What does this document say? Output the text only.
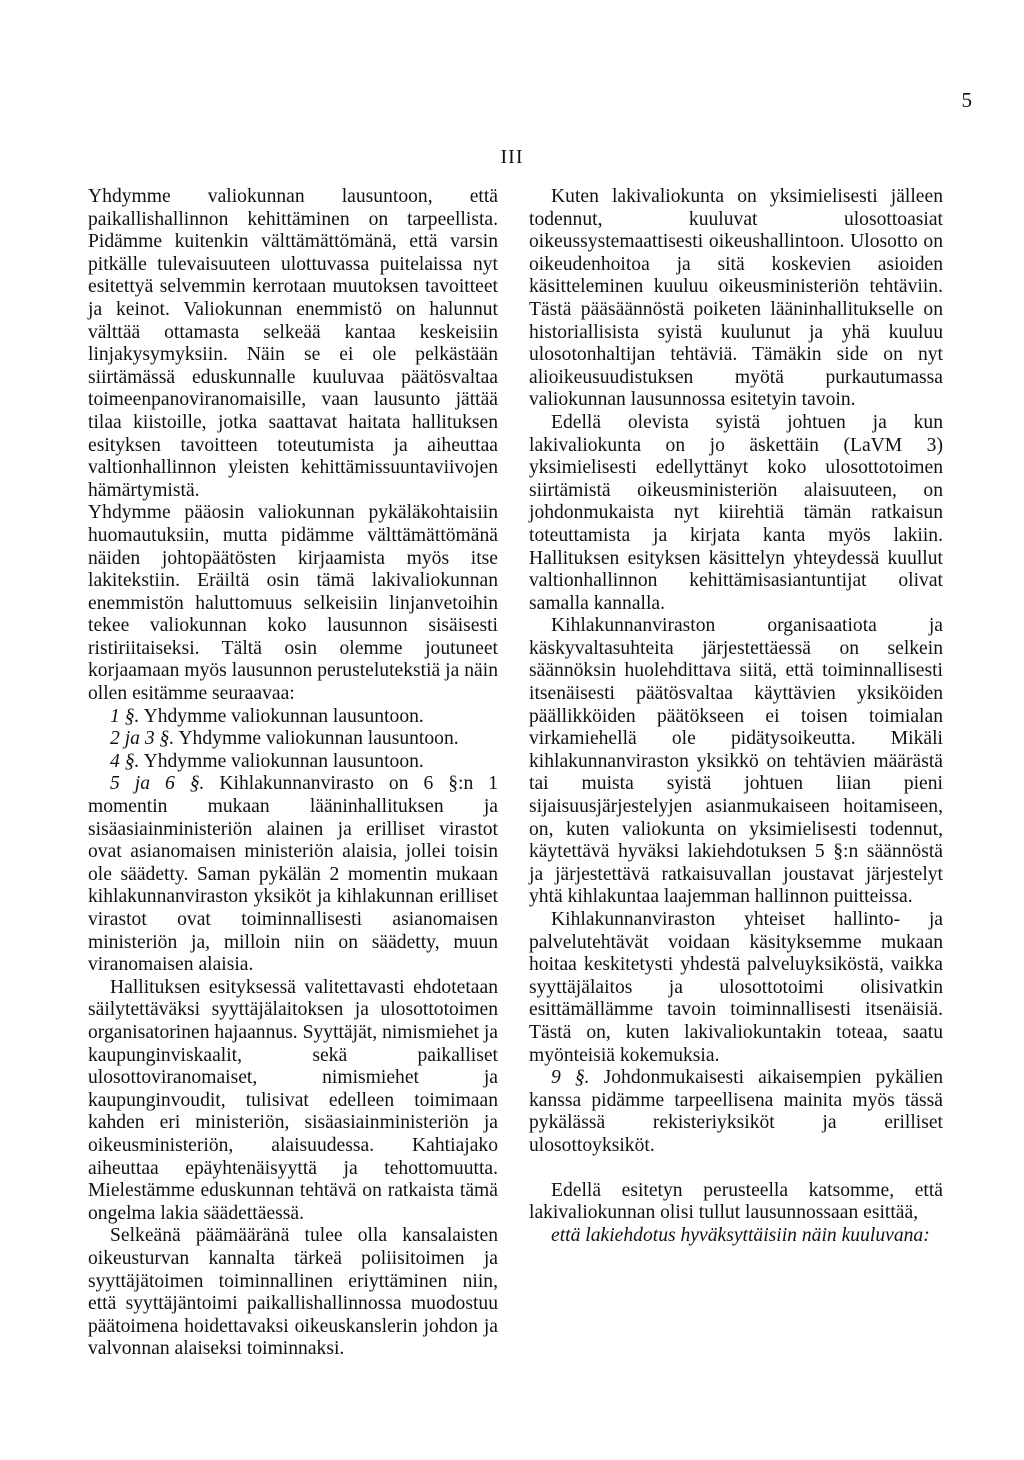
5
III

Yhdymme valiokunnan lausuntoon, että paikallishallinnon kehittäminen on tarpeellista. Pidämme kuitenkin välttämättömänä, että varsin pitkälle tulevaisuuteen ulottuvassa puitelaissa nyt esitettyä selvemmin kerrotaan muutoksen tavoitteet ja keinot. Valiokunnan enemmistö on halunnut välttää ottamasta selkeää kantaa keskeisiin linjakysymyksiin. Näin se ei ole pelkästään siirtämässä eduskunnalle kuuluvaa päätösvaltaa toimeenpanoviranomaisille, vaan lausunto jättää tilaa kiistoille, jotka saattavat haitata hallituksen esityksen tavoitteen toteutumista ja aiheuttaa valtionhallinnon yleisten kehittämissuuntaviivojen hämärtymistä.

Yhdymme pääosin valiokunnan pykäläkohtaisiin huomautuksiin, mutta pidämme välttämättömänä näiden johtopäätösten kirjaamista myös itse lakitekstiin. Eräiltä osin tämä lakivaliokunnan enemmistön haluttomuus selkeisiin linjanvetoihin tekee valiokunnan koko lausunnon sisäisesti ristiriitaiseksi. Tältä osin olemme joutuneet korjaamaan myös lausunnon perustelutekstiä ja näin ollen esitämme seuraavaa:

1 §. Yhdymme valiokunnan lausuntoon.

2 ja 3 §. Yhdymme valiokunnan lausuntoon.

4 §. Yhdymme valiokunnan lausuntoon.

5 ja 6 §. Kihlakunnanvirasto on 6 §:n 1 momentin mukaan lääninhallituksen ja sisäasiainministeriön alainen ja erilliset virastot ovat asianomaisen ministeriön alaisia, jollei toisin ole säädetty. Saman pykälän 2 momentin mukaan kihlakunnanviraston yksiköt ja kihlakunnan erilliset virastot ovat toiminnallisesti asianomaisen ministeriön ja, milloin niin on säädetty, muun viranomaisen alaisia.

Hallituksen esityksessä valitettavasti ehdotetaan säilytettäväksi syyttäjälaitoksen ja ulosottotoimen organisatorinen hajaannus. Syyttäjät, nimismiehet ja kaupunginviskaalit, sekä paikalliset ulosottoviranomaiset, nimismiehet ja kaupunginvoudit, tulisivat edelleen toimimaan kahden eri ministeriön, sisäasiainministeriön ja oikeusministeriön, alaisuudessa. Kahtiajako aiheuttaa epäyhtenäisyyttä ja tehottomuutta. Mielestämme eduskunnan tehtävä on ratkaista tämä ongelma lakia säädettäessä.

Selkeänä päämääränä tulee olla kansalaisten oikeusturvan kannalta tärkeä poliisitoimen ja syyttäjätoimen toiminnallinen eriyttäminen niin, että syyttäjäntoimi paikallishallinnossa muodostuu päätoimena hoidettavaksi oikeuskanslerin johdon ja valvonnan alaiseksi toiminnaksi.

Kuten lakivaliokunta on yksimielisesti jälleen todennut, kuuluvat ulosottoasiat oikeussystemaattisesti oikeushallintoon. Ulosotto on oikeudenhoitoa ja sitä koskevien asioiden käsitteleminen kuuluu oikeusministeriön tehtäviin. Tästä pääsäännöstä poiketen lääninhallitukselle on historiallisista syistä kuulunut ja yhä kuuluu ulosotonhaltijan tehtäviä. Tämäkin side on nyt alioikeusuudistuksen myötä purkautumassa valiokunnan lausunnossa esitetyin tavoin.

Edellä olevista syistä johtuen ja kun lakivaliokunta on jo äskettäin (LaVM 3) yksimielisesti edellyttänyt koko ulosottotoimen siirtämistä oikeusministeriön alaisuuteen, on johdonmukaista nyt kiirehtiä tämän ratkaisun toteuttamista ja kirjata kanta myös lakiin. Hallituksen esityksen käsittelyn yhteydessä kuullut valtionhallinnon kehittämisasiantuntijat olivat samalla kannalla.

Kihlakunnanviraston organisaatiota ja käskyvaltasuhteita järjestettäessä on selkein säännöksin huolehdittava siitä, että toiminnallisesti itsenäisesti päätösvaltaa käyttävien yksiköiden päällikköiden päätökseen ei toisen toimialan virkamiehellä ole pidätysoikeutta. Mikäli kihlakunnanviraston yksikkö on tehtävien määrästä tai muista syistä johtuen liian pieni sijaisuusjärjestelyjen asianmukaiseen hoitamiseen, on, kuten valiokunta on yksimielisesti todennut, käytettävä hyväksi lakiehdotuksen 5 §:n säännöstä ja järjestettävä ratkaisuvallan joustavat järjestelyt yhtä kihlakuntaa laajemman hallinnon puitteissa.

Kihlakunnanviraston yhteiset hallinto- ja palvelutehtävät voidaan käsityksemme mukaan hoitaa keskitetysti yhdestä palveluyksiköstä, vaikka syyttäjälaitos ja ulosottotoimi olisivatkin esittämällämme tavoin toiminnallisesti itsenäisiä. Tästä on, kuten lakivaliokuntakin toteaa, saatu myönteisiä kokemuksia.

9 §. Johdonmukaisesti aikaisempien pykälien kanssa pidämme tarpeellisena mainita myös tässä pykälässä rekisteriyksiköt ja erilliset ulosottoyksiköt.

Edellä esitetyn perusteella katsomme, että lakivaliokunnan olisi tullut lausunnossaan esittää,

että lakiehdotus hyväksyttäisiin näin kuuluvana:
